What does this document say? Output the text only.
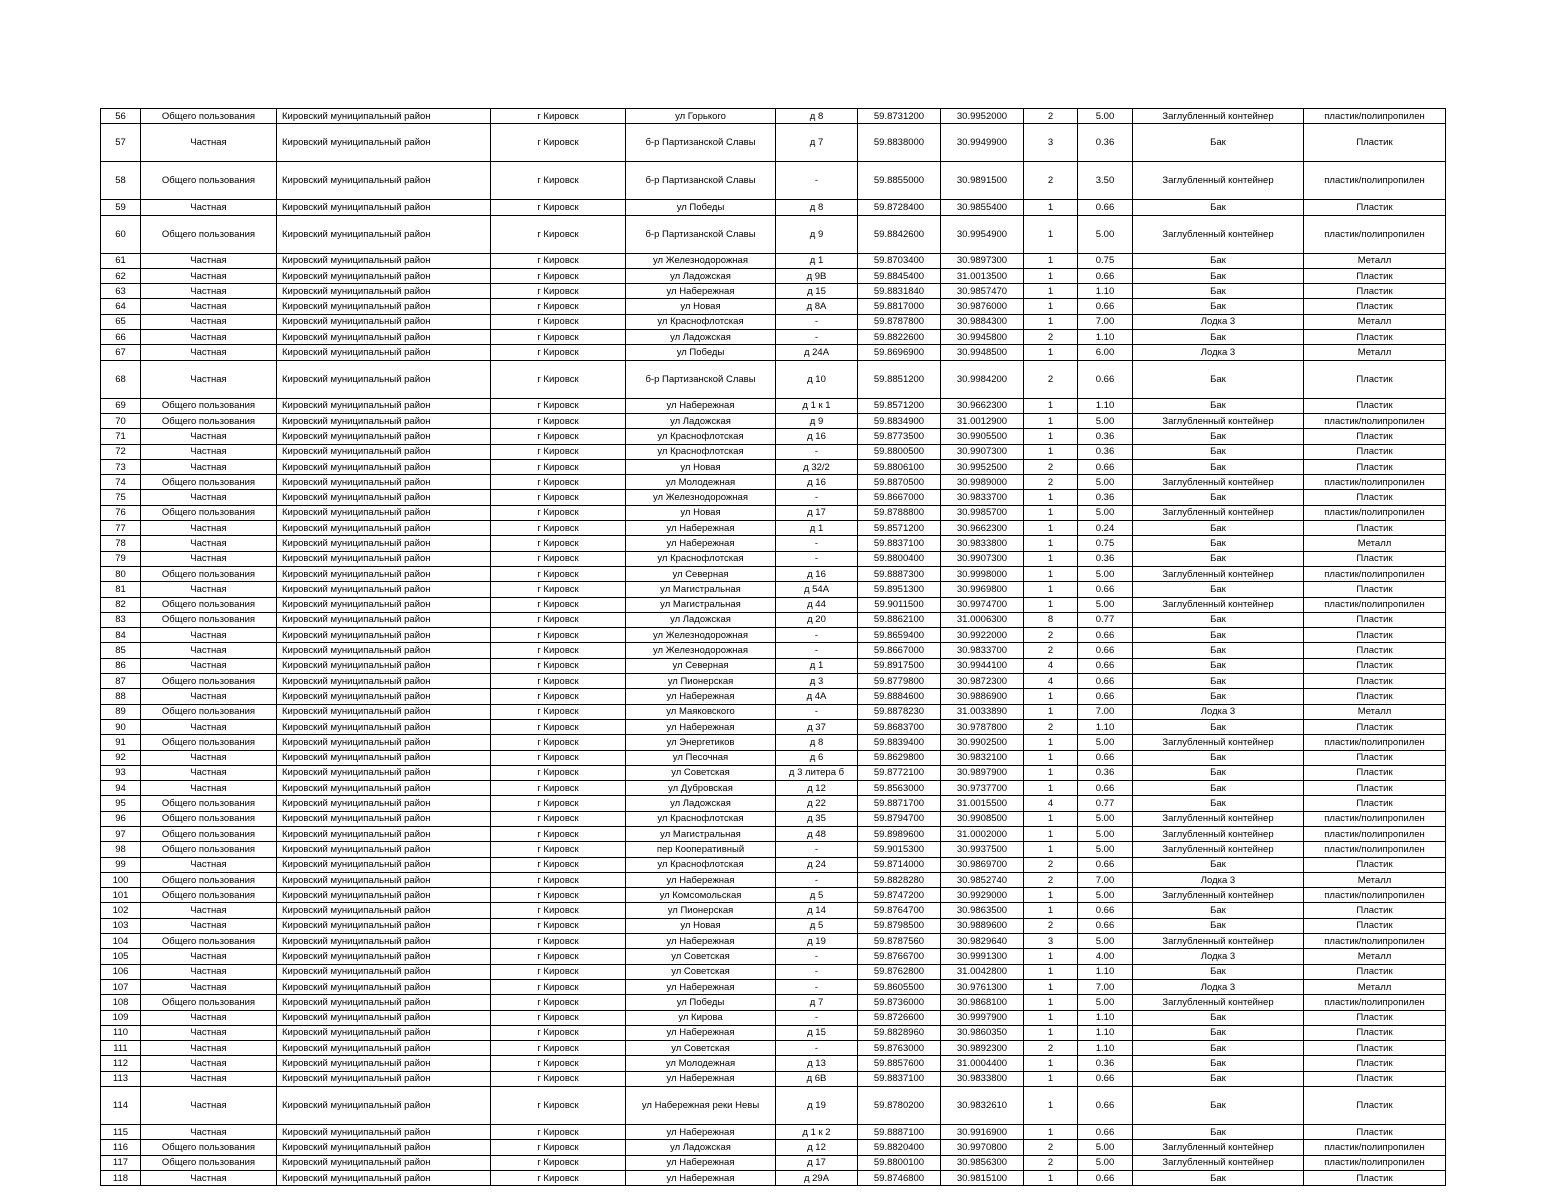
56	Общего пользования	Кировский муниципальный район	г Кировск	ул Горького	д 8	59.8731200	30.9952000	2	5.00	Заглубленный контейнер	пластик/полипропилен
57	Частная	Кировский муниципальный район	г Кировск	б-р Партизанской Славы	д 7	59.8838000	30.9949900	3	0.36	Бак	Пластик
58	Общего пользования	Кировский муниципальный район	г Кировск	б-р Партизанской Славы	-	59.8855000	30.9891500	2	3.50	Заглубленный контейнер	пластик/полипропилен
59	Частная	Кировский муниципальный район	г Кировск	ул Победы	д 8	59.8728400	30.9855400	1	0.66	Бак	Пластик
60	Общего пользования	Кировский муниципальный район	г Кировск	б-р Партизанской Славы	д 9	59.8842600	30.9954900	1	5.00	Заглубленный контейнер	пластик/полипропилен
61	Частная	Кировский муниципальный район	г Кировск	ул Железнодорожная	д 1	59.8703400	30.9897300	1	0.75	Бак	Металл
62	Частная	Кировский муниципальный район	г Кировск	ул Ладожская	д 9В	59.8845400	31.0013500	1	0.66	Бак	Пластик
63	Частная	Кировский муниципальный район	г Кировск	ул Набережная	д 15	59.8831840	30.9857470	1	1.10	Бак	Пластик
64	Частная	Кировский муниципальный район	г Кировск	ул Новая	д 8А	59.8817000	30.9876000	1	0.66	Бак	Пластик
65	Частная	Кировский муниципальный район	г Кировск	ул Краснофлотская	-	59.8787800	30.9884300	1	7.00	Лодка 3	Металл
66	Частная	Кировский муниципальный район	г Кировск	ул Ладожская	-	59.8822600	30.9945800	2	1.10	Бак	Пластик
67	Частная	Кировский муниципальный район	г Кировск	ул Победы	д 24А	59.8696900	30.9948500	1	6.00	Лодка 3	Металл
68	Частная	Кировский муниципальный район	г Кировск	б-р Партизанской Славы	д 10	59.8851200	30.9984200	2	0.66	Бак	Пластик
69	Общего пользования	Кировский муниципальный район	г Кировск	ул Набережная	д 1 к 1	59.8571200	30.9662300	1	1.10	Бак	Пластик
70	Общего пользования	Кировский муниципальный район	г Кировск	ул Ладожская	д 9	59.8834900	31.0012900	1	5.00	Заглубленный контейнер	пластик/полипропилен
71	Частная	Кировский муниципальный район	г Кировск	ул Краснофлотская	д 16	59.8773500	30.9905500	1	0.36	Бак	Пластик
72	Частная	Кировский муниципальный район	г Кировск	ул Краснофлотская	-	59.8800500	30.9907300	1	0.36	Бак	Пластик
73	Частная	Кировский муниципальный район	г Кировск	ул Новая	д 32/2	59.8806100	30.9952500	2	0.66	Бак	Пластик
74	Общего пользования	Кировский муниципальный район	г Кировск	ул Молодежная	д 16	59.8870500	30.9989000	2	5.00	Заглубленный контейнер	пластик/полипропилен
75	Частная	Кировский муниципальный район	г Кировск	ул Железнодорожная	-	59.8667000	30.9833700	1	0.36	Бак	Пластик
76	Общего пользования	Кировский муниципальный район	г Кировск	ул Новая	д 17	59.8788800	30.9985700	1	5.00	Заглубленный контейнер	пластик/полипропилен
77	Частная	Кировский муниципальный район	г Кировск	ул Набережная	д 1	59.8571200	30.9662300	1	0.24	Бак	Пластик
78	Частная	Кировский муниципальный район	г Кировск	ул Набережная	-	59.8837100	30.9833800	1	0.75	Бак	Металл
79	Частная	Кировский муниципальный район	г Кировск	ул Краснофлотская	-	59.8800400	30.9907300	1	0.36	Бак	Пластик
80	Общего пользования	Кировский муниципальный район	г Кировск	ул Северная	д 16	59.8887300	30.9998000	1	5.00	Заглубленный контейнер	пластик/полипропилен
81	Частная	Кировский муниципальный район	г Кировск	ул Магистральная	д 54А	59.8951300	30.9969800	1	0.66	Бак	Пластик
82	Общего пользования	Кировский муниципальный район	г Кировск	ул Магистральная	д 44	59.9011500	30.9974700	1	5.00	Заглубленный контейнер	пластик/полипропилен
83	Общего пользования	Кировский муниципальный район	г Кировск	ул Ладожская	д 20	59.8862100	31.0006300	8	0.77	Бак	Пластик
84	Частная	Кировский муниципальный район	г Кировск	ул Железнодорожная	-	59.8659400	30.9922000	2	0.66	Бак	Пластик
85	Частная	Кировский муниципальный район	г Кировск	ул Железнодорожная	-	59.8667000	30.9833700	2	0.66	Бак	Пластик
86	Частная	Кировский муниципальный район	г Кировск	ул Северная	д 1	59.8917500	30.9944100	4	0.66	Бак	Пластик
87	Общего пользования	Кировский муниципальный район	г Кировск	ул Пионерская	д 3	59.8779800	30.9872300	4	0.66	Бак	Пластик
88	Частная	Кировский муниципальный район	г Кировск	ул Набережная	д 4А	59.8884600	30.9886900	1	0.66	Бак	Пластик
89	Общего пользования	Кировский муниципальный район	г Кировск	ул Маяковского	-	59.8878230	31.0033890	1	7.00	Лодка 3	Металл
90	Частная	Кировский муниципальный район	г Кировск	ул Набережная	д 37	59.8683700	30.9787800	2	1.10	Бак	Пластик
91	Общего пользования	Кировский муниципальный район	г Кировск	ул Энергетиков	д 8	59.8839400	30.9902500	1	5.00	Заглубленный контейнер	пластик/полипропилен
92	Частная	Кировский муниципальный район	г Кировск	ул Песочная	д 6	59.8629800	30.9832100	1	0.66	Бак	Пластик
93	Частная	Кировский муниципальный район	г Кировск	ул Советская	д 3 литера б	59.8772100	30.9897900	1	0.36	Бак	Пластик
94	Частная	Кировский муниципальный район	г Кировск	ул Дубровская	д 12	59.8563000	30.9737700	1	0.66	Бак	Пластик
95	Общего пользования	Кировский муниципальный район	г Кировск	ул Ладожская	д 22	59.8871700	31.0015500	4	0.77	Бак	Пластик
96	Общего пользования	Кировский муниципальный район	г Кировск	ул Краснофлотская	д 35	59.8794700	30.9908500	1	5.00	Заглубленный контейнер	пластик/полипропилен
97	Общего пользования	Кировский муниципальный район	г Кировск	ул Магистральная	д 48	59.8989600	31.0002000	1	5.00	Заглубленный контейнер	пластик/полипропилен
98	Общего пользования	Кировский муниципальный район	г Кировск	пер Кооперативный	-	59.9015300	30.9937500	1	5.00	Заглубленный контейнер	пластик/полипропилен
99	Частная	Кировский муниципальный район	г Кировск	ул Краснофлотская	д 24	59.8714000	30.9869700	2	0.66	Бак	Пластик
100	Общего пользования	Кировский муниципальный район	г Кировск	ул Набережная	-	59.8828280	30.9852740	2	7.00	Лодка 3	Металл
101	Общего пользования	Кировский муниципальный район	г Кировск	ул Комсомольская	д 5	59.8747200	30.9929000	1	5.00	Заглубленный контейнер	пластик/полипропилен
102	Частная	Кировский муниципальный район	г Кировск	ул Пионерская	д 14	59.8764700	30.9863500	1	0.66	Бак	Пластик
103	Частная	Кировский муниципальный район	г Кировск	ул Новая	д 5	59.8798500	30.9889600	2	0.66	Бак	Пластик
104	Общего пользования	Кировский муниципальный район	г Кировск	ул Набережная	д 19	59.8787560	30.9829640	3	5.00	Заглубленный контейнер	пластик/полипропилен
105	Частная	Кировский муниципальный район	г Кировск	ул Советская	-	59.8766700	30.9991300	1	4.00	Лодка 3	Металл
106	Частная	Кировский муниципальный район	г Кировск	ул Советская	-	59.8762800	31.0042800	1	1.10	Бак	Пластик
107	Частная	Кировский муниципальный район	г Кировск	ул Набережная	-	59.8605500	30.9761300	1	7.00	Лодка 3	Металл
108	Общего пользования	Кировский муниципальный район	г Кировск	ул Победы	д 7	59.8736000	30.9868100	1	5.00	Заглубленный контейнер	пластик/полипропилен
109	Частная	Кировский муниципальный район	г Кировск	ул Кирова	-	59.8726600	30.9997900	1	1.10	Бак	Пластик
110	Частная	Кировский муниципальный район	г Кировск	ул Набережная	д 15	59.8828960	30.9860350	1	1.10	Бак	Пластик
111	Частная	Кировский муниципальный район	г Кировск	ул Советская	-	59.8763000	30.9892300	2	1.10	Бак	Пластик
112	Частная	Кировский муниципальный район	г Кировск	ул Молодежная	д 13	59.8857600	31.0004400	1	0.36	Бак	Пластик
113	Частная	Кировский муниципальный район	г Кировск	ул Набережная	д 6В	59.8837100	30.9833800	1	0.66	Бак	Пластик
114	Частная	Кировский муниципальный район	г Кировск	ул Набережная реки Невы	д 19	59.8780200	30.9832610	1	0.66	Бак	Пластик
115	Частная	Кировский муниципальный район	г Кировск	ул Набережная	д 1 к 2	59.8887100	30.9916900	1	0.66	Бак	Пластик
116	Общего пользования	Кировский муниципальный район	г Кировск	ул Ладожская	д 12	59.8820400	30.9970800	2	5.00	Заглубленный контейнер	пластик/полипропилен
117	Общего пользования	Кировский муниципальный район	г Кировск	ул Набережная	д 17	59.8800100	30.9856300	2	5.00	Заглубленный контейнер	пластик/полипропилен
118	Частная	Кировский муниципальный район	г Кировск	ул Набережная	д 29А	59.8746800	30.9815100	1	0.66	Бак	Пластик
